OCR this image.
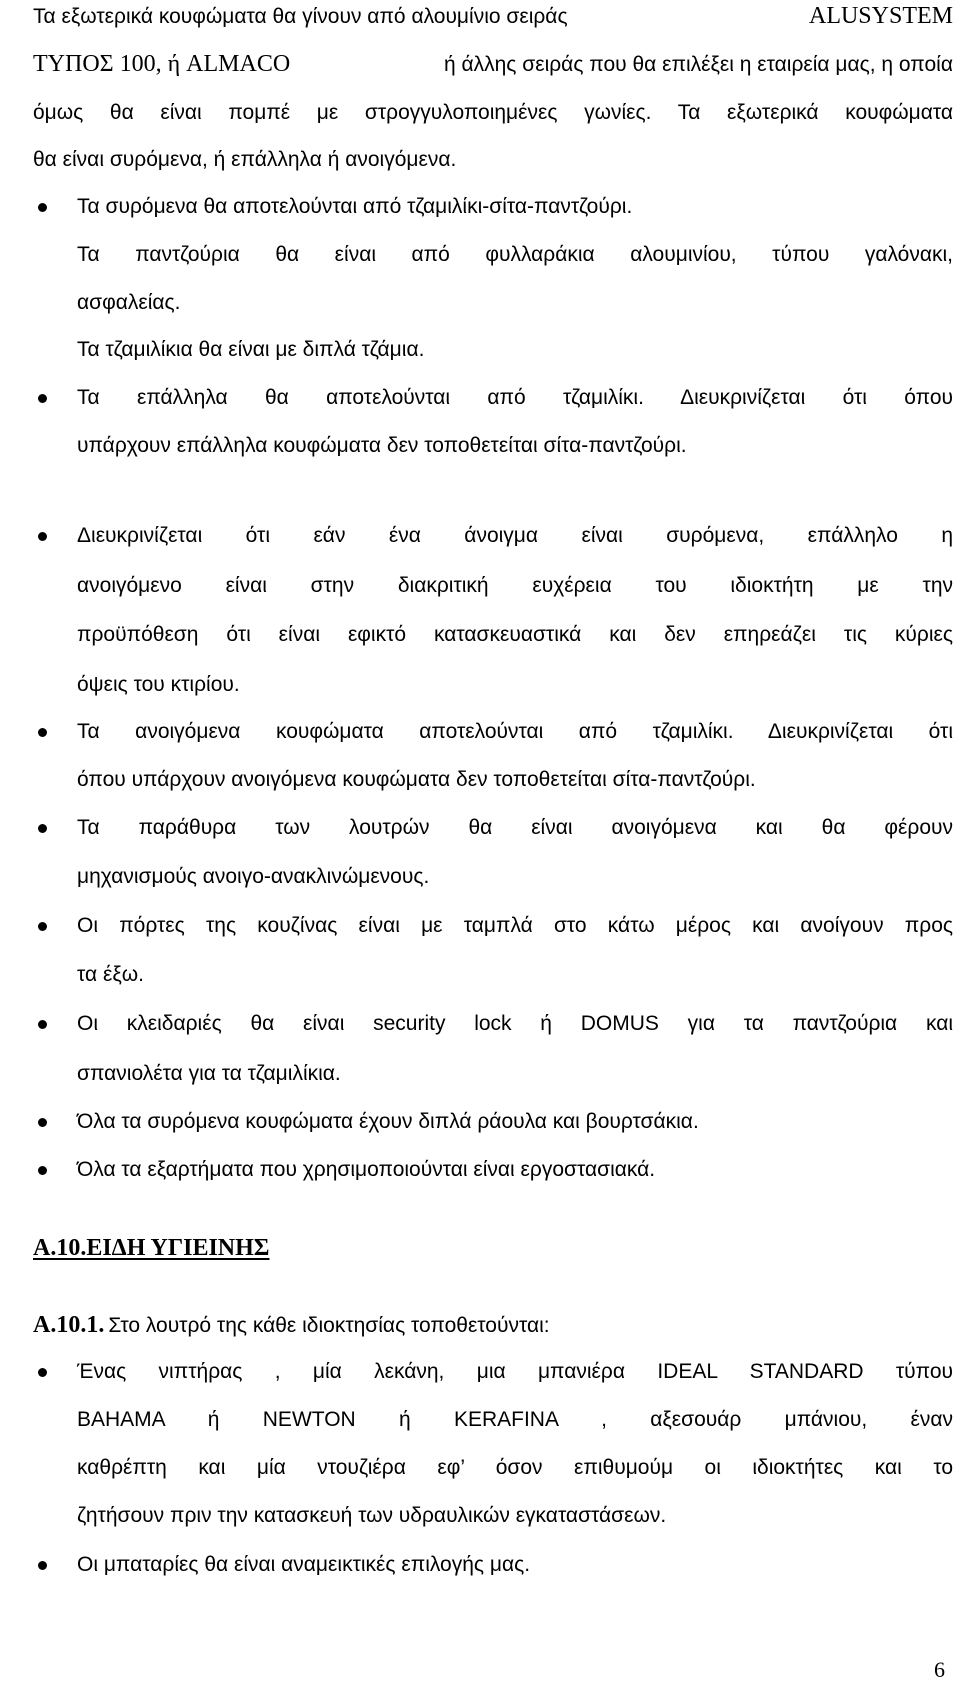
Τα εξωτερικά κουφώματα θα γίνουν από αλουμίνιο σειράς	ALUSYSTEM
ΤΥΠΟΣ 100, ή ALMACO	ή άλλης σειράς που θα επιλέξει η εταιρεία μας, η οποία

όμως θα είναι πομπέ με στρογγυλοποιημένες γωνίες. Τα εξωτερικά κουφώματα

θα είναι συρόμενα, ή επάλληλα ή ανοιγόμενα.

Τα συρόμενα θα αποτελούνται από τζαμιλίκι-σίτα-παντζούρι.

Τα παντζούρια θα είναι από φυλλαράκια αλουμινίου, τύπου γαλόνακι,

ασφαλείας.

Τα τζαμιλίκια θα είναι με διπλά τζάμια.

Τα επάλληλα θα αποτελούνται από τζαμιλίκι. Διευκρινίζεται ότι όπου

υπάρχουν επάλληλα κουφώματα δεν τοποθετείται σίτα-παντζούρι.

Διευκρινίζεται ότι εάν ένα άνοιγμα είναι συρόμενα, επάλληλο η

ανοιγόμενο είναι στην διακριτική ευχέρεια του ιδιοκτήτη με την

προϋπόθεση ότι είναι εφικτό κατασκευαστικά και δεν επηρεάζει τις κύριες

όψεις του κτιρίου.

Τα ανοιγόμενα κουφώματα αποτελούνται από τζαμιλίκι. Διευκρινίζεται ότι

όπου υπάρχουν ανοιγόμενα κουφώματα δεν τοποθετείται σίτα-παντζούρι.

Τα παράθυρα των λουτρών θα είναι ανοιγόμενα και θα φέρουν

μηχανισμούς ανοιγο-ανακλινώμενους.

Οι πόρτες της κουζίνας είναι με ταμπλά στο κάτω μέρος και ανοίγουν προς

τα έξω.

Οι κλειδαριές θα είναι security lock ή DOMUS για τα παντζούρια και

σπανιολέτα για τα τζαμιλίκια.

Όλα τα συρόμενα κουφώματα έχουν διπλά ράουλα και βουρτσάκια.

Όλα τα εξαρτήματα που χρησιμοποιούνται είναι εργοστασιακά.

Α.10.ΕΙΔΗ ΥΓΙΕΙΝΗΣ

Α.10.1. Στο λουτρό της κάθε ιδιοκτησίας τοποθετούνται:

Ένας νιπτήρας , μία λεκάνη, μια μπανιέρα IDEAL STANDARD τύπου

BAHAMA ή NEWTON ή KERAFINA , αξεσουάρ μπάνιου, έναν

καθρέπτη και μία ντουζιέρα εφ’ όσον επιθυμούμ οι ιδιοκτήτες και το

ζητήσουν πριν την κατασκευή των υδραυλικών εγκαταστάσεων.

Οι μπαταρίες θα είναι αναμεικτικές επιλογής μας.

6
